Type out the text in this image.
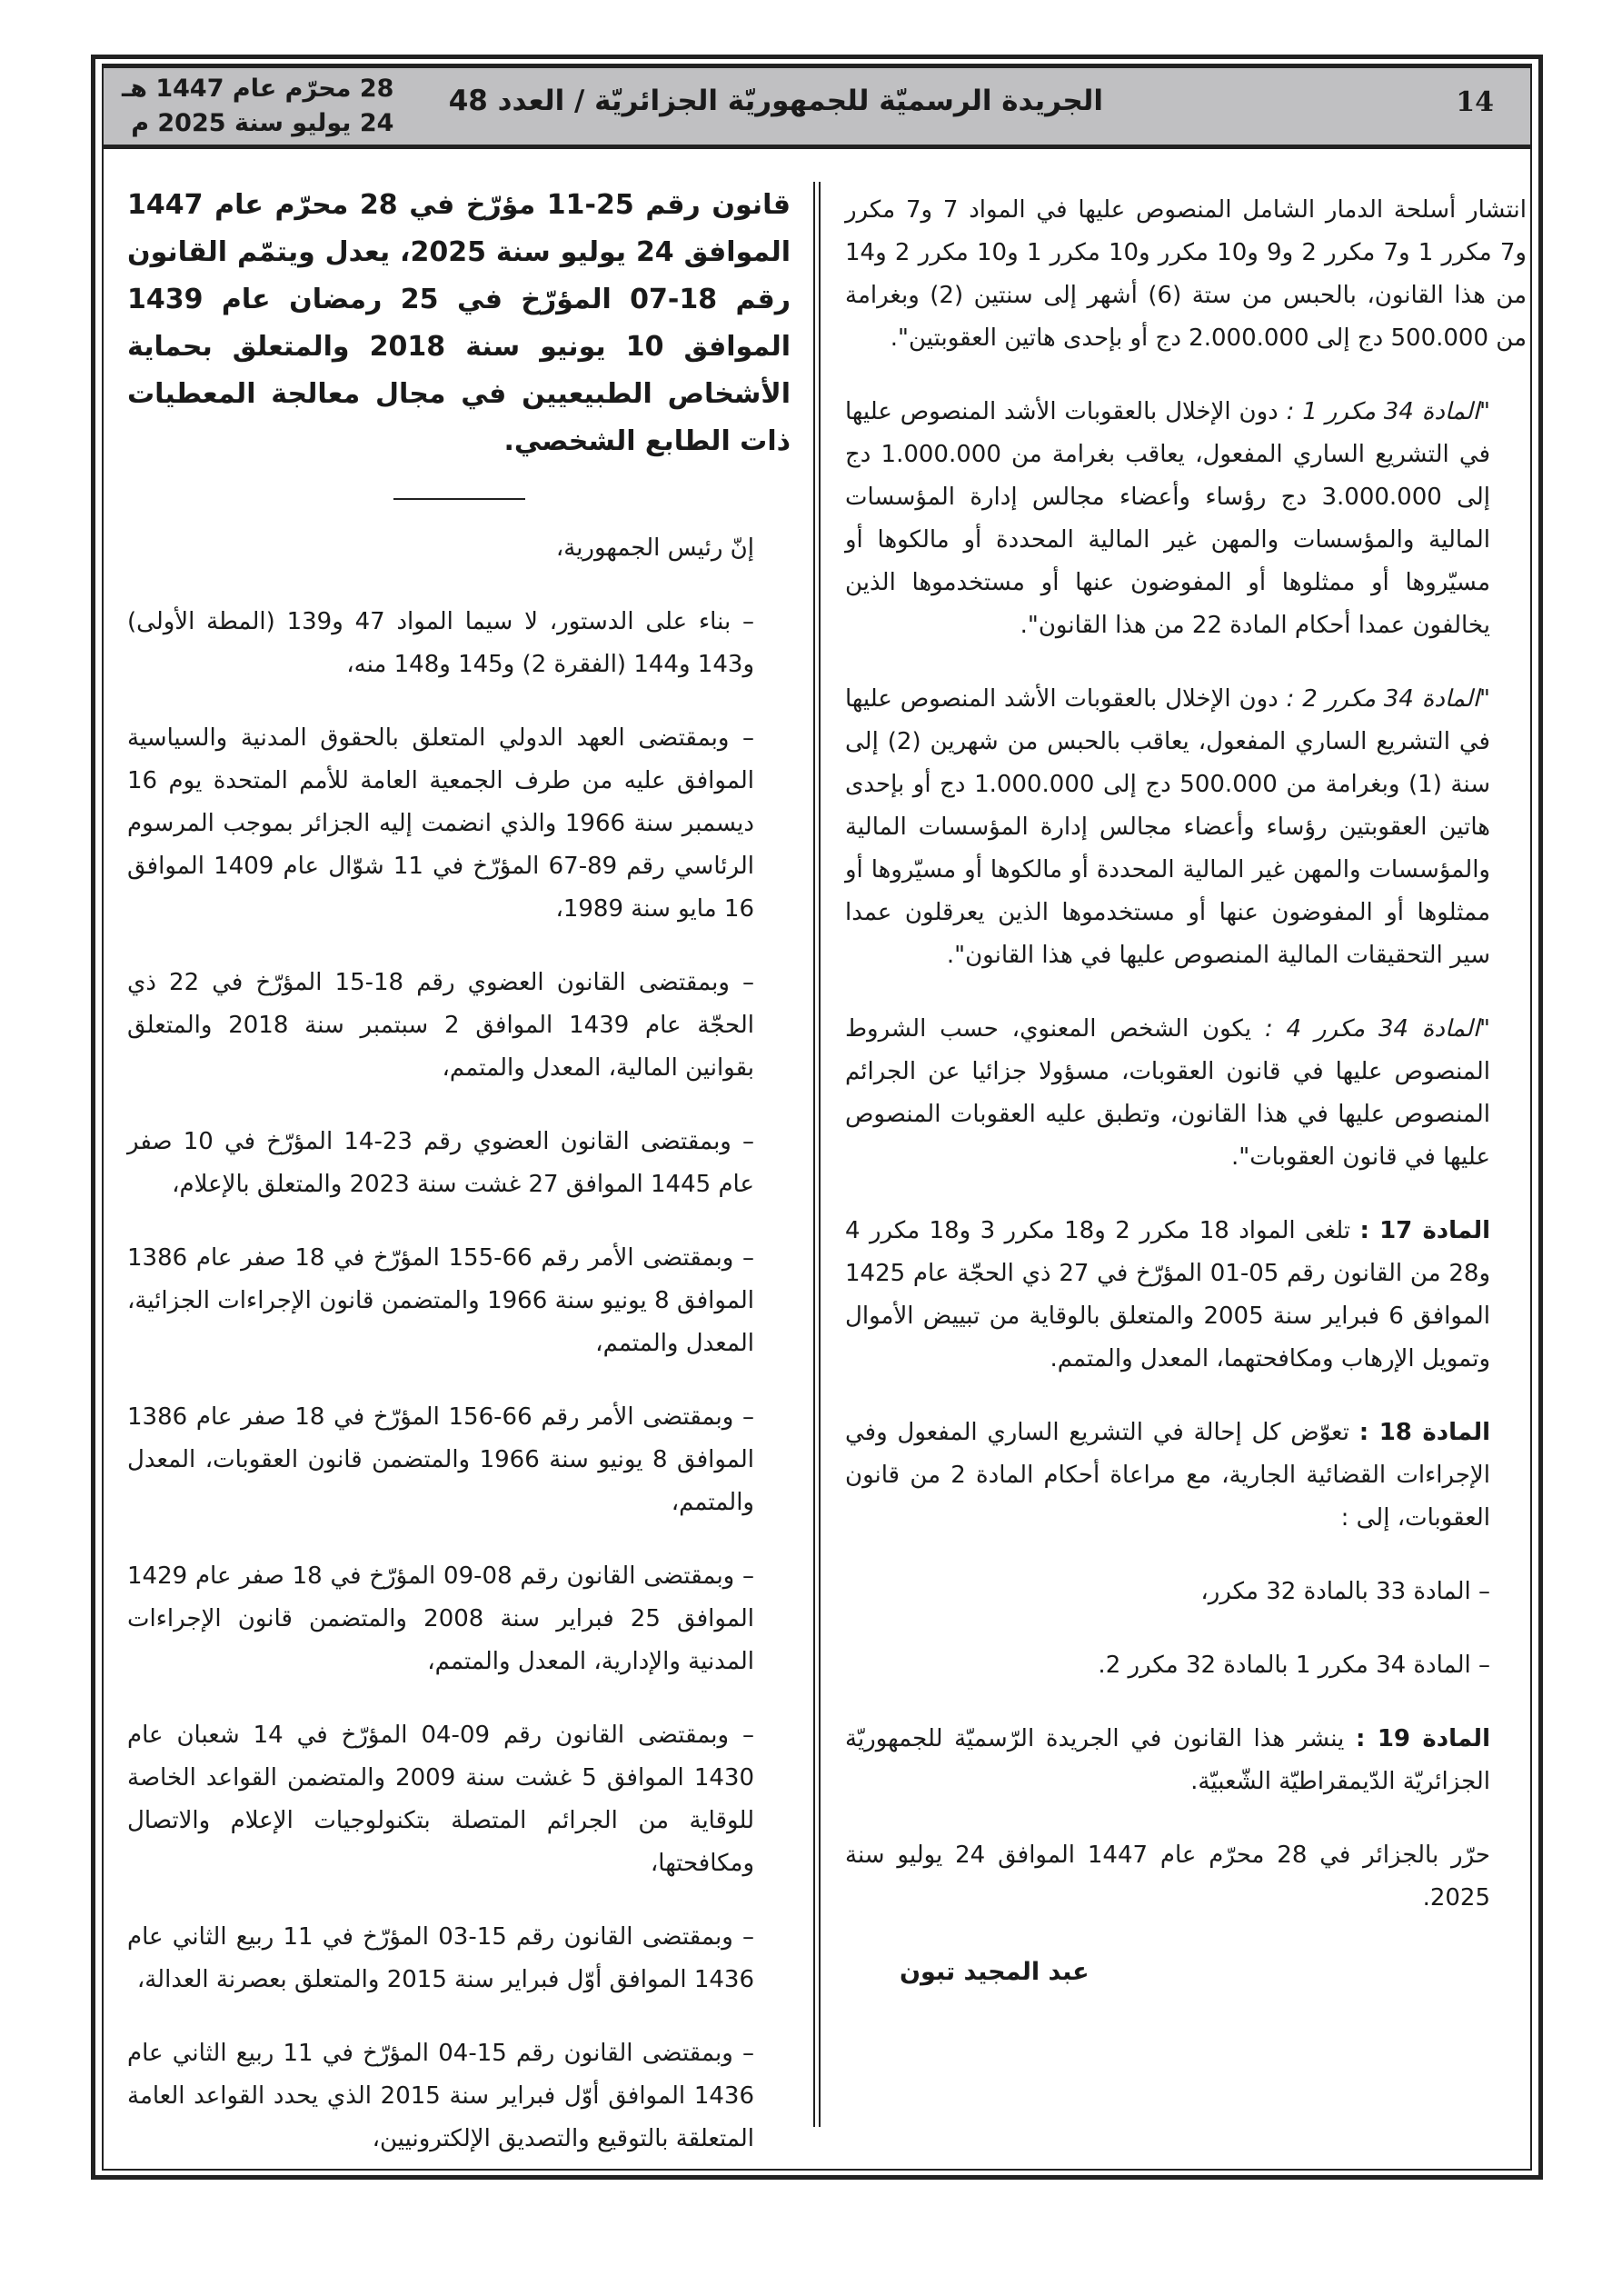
14
الجريدة الرسميّة للجمهوريّة الجزائريّة / العدد 48
28 محرّم عام 1447 هـ
24 يوليو سنة 2025 م

انتشار أسلحة الدمار الشامل المنصوص عليها في المواد 7 و7 مكرر و7 مكرر 1 و7 مكرر 2 و9 و10 مكرر و10 مكرر 1 و10 مكرر 2 و14 من هذا القانون، بالحبس من ستة (6) أشهر إلى سنتين (2) وبغرامة من 500.000 دج إلى 2.000.000 دج أو بإحدى هاتين العقوبتين".

"المادة 34 مكرر 1 : دون الإخلال بالعقوبات الأشد المنصوص عليها في التشريع الساري المفعول، يعاقب بغرامة من 1.000.000 دج إلى 3.000.000 دج رؤساء وأعضاء مجالس إدارة المؤسسات المالية والمؤسسات والمهن غير المالية المحددة أو مالكوها أو مسيّروها أو ممثلوها أو المفوضون عنها أو مستخدموها الذين يخالفون عمدا أحكام المادة 22 من هذا القانون".

"المادة 34 مكرر 2 : دون الإخلال بالعقوبات الأشد المنصوص عليها في التشريع الساري المفعول، يعاقب بالحبس من شهرين (2) إلى سنة (1) وبغرامة من 500.000 دج إلى 1.000.000 دج أو بإحدى هاتين العقوبتين رؤساء وأعضاء مجالس إدارة المؤسسات المالية والمؤسسات والمهن غير المالية المحددة أو مالكوها أو مسيّروها أو ممثلوها أو المفوضون عنها أو مستخدموها الذين يعرقلون عمدا سير التحقيقات المالية المنصوص عليها في هذا القانون".

"المادة 34 مكرر 4 : يكون الشخص المعنوي، حسب الشروط المنصوص عليها في قانون العقوبات، مسؤولا جزائيا عن الجرائم المنصوص عليها في هذا القانون، وتطبق عليه العقوبات المنصوص عليها في قانون العقوبات".

المادة 17 : تلغى المواد 18 مكرر 2 و18 مكرر 3 و18 مكرر 4 و28 من القانون رقم 05-01 المؤرّخ في 27 ذي الحجّة عام 1425 الموافق 6 فبراير سنة 2005 والمتعلق بالوقاية من تبييض الأموال وتمويل الإرهاب ومكافحتهما، المعدل والمتمم.

المادة 18 : تعوّض كل إحالة في التشريع الساري المفعول وفي الإجراءات القضائية الجارية، مع مراعاة أحكام المادة 2 من قانون العقوبات، إلى :

– المادة 33 بالمادة 32 مكرر،

– المادة 34 مكرر 1 بالمادة 32 مكرر 2.

المادة 19 : ينشر هذا القانون في الجريدة الرّسميّة للجمهوريّة الجزائريّة الدّيمقراطيّة الشّعبيّة.

حرّر بالجزائر في 28 محرّم عام 1447 الموافق 24 يوليو سنة 2025.

عبد المجيد تبون

قانون رقم 25-11 مؤرّخ في 28 محرّم عام 1447 الموافق 24 يوليو سنة 2025، يعدل ويتمّم القانون رقم 18-07 المؤرّخ في 25 رمضان عام 1439 الموافق 10 يونيو سنة 2018 والمتعلق بحماية الأشخاص الطبيعيين في مجال معالجة المعطيات ذات الطابع الشخصي.

إنّ رئيس الجمهورية،

– بناء على الدستور، لا سيما المواد 47 و139 (المطة الأولى) و143 و144 (الفقرة 2) و145 و148 منه،

– وبمقتضى العهد الدولي المتعلق بالحقوق المدنية والسياسية الموافق عليه من طرف الجمعية العامة للأمم المتحدة يوم 16 ديسمبر سنة 1966 والذي انضمت إليه الجزائر بموجب المرسوم الرئاسي رقم 89-67 المؤرّخ في 11 شوّال عام 1409 الموافق 16 مايو سنة 1989،

– وبمقتضى القانون العضوي رقم 18-15 المؤرّخ في 22 ذي الحجّة عام 1439 الموافق 2 سبتمبر سنة 2018 والمتعلق بقوانين المالية، المعدل والمتمم،

– وبمقتضى القانون العضوي رقم 23-14 المؤرّخ في 10 صفر عام 1445 الموافق 27 غشت سنة 2023 والمتعلق بالإعلام،

– وبمقتضى الأمر رقم 66-155 المؤرّخ في 18 صفر عام 1386 الموافق 8 يونيو سنة 1966 والمتضمن قانون الإجراءات الجزائية، المعدل والمتمم،

– وبمقتضى الأمر رقم 66-156 المؤرّخ في 18 صفر عام 1386 الموافق 8 يونيو سنة 1966 والمتضمن قانون العقوبات، المعدل والمتمم،

– وبمقتضى القانون رقم 08-09 المؤرّخ في 18 صفر عام 1429 الموافق 25 فبراير سنة 2008 والمتضمن قانون الإجراءات المدنية والإدارية، المعدل والمتمم،

– وبمقتضى القانون رقم 09-04 المؤرّخ في 14 شعبان عام 1430 الموافق 5 غشت سنة 2009 والمتضمن القواعد الخاصة للوقاية من الجرائم المتصلة بتكنولوجيات الإعلام والاتصال ومكافحتها،

– وبمقتضى القانون رقم 15-03 المؤرّخ في 11 ربيع الثاني عام 1436 الموافق أوّل فبراير سنة 2015 والمتعلق بعصرنة العدالة،

– وبمقتضى القانون رقم 15-04 المؤرّخ في 11 ربيع الثاني عام 1436 الموافق أوّل فبراير سنة 2015 الذي يحدد القواعد العامة المتعلقة بالتوقيع والتصديق الإلكترونيين،
